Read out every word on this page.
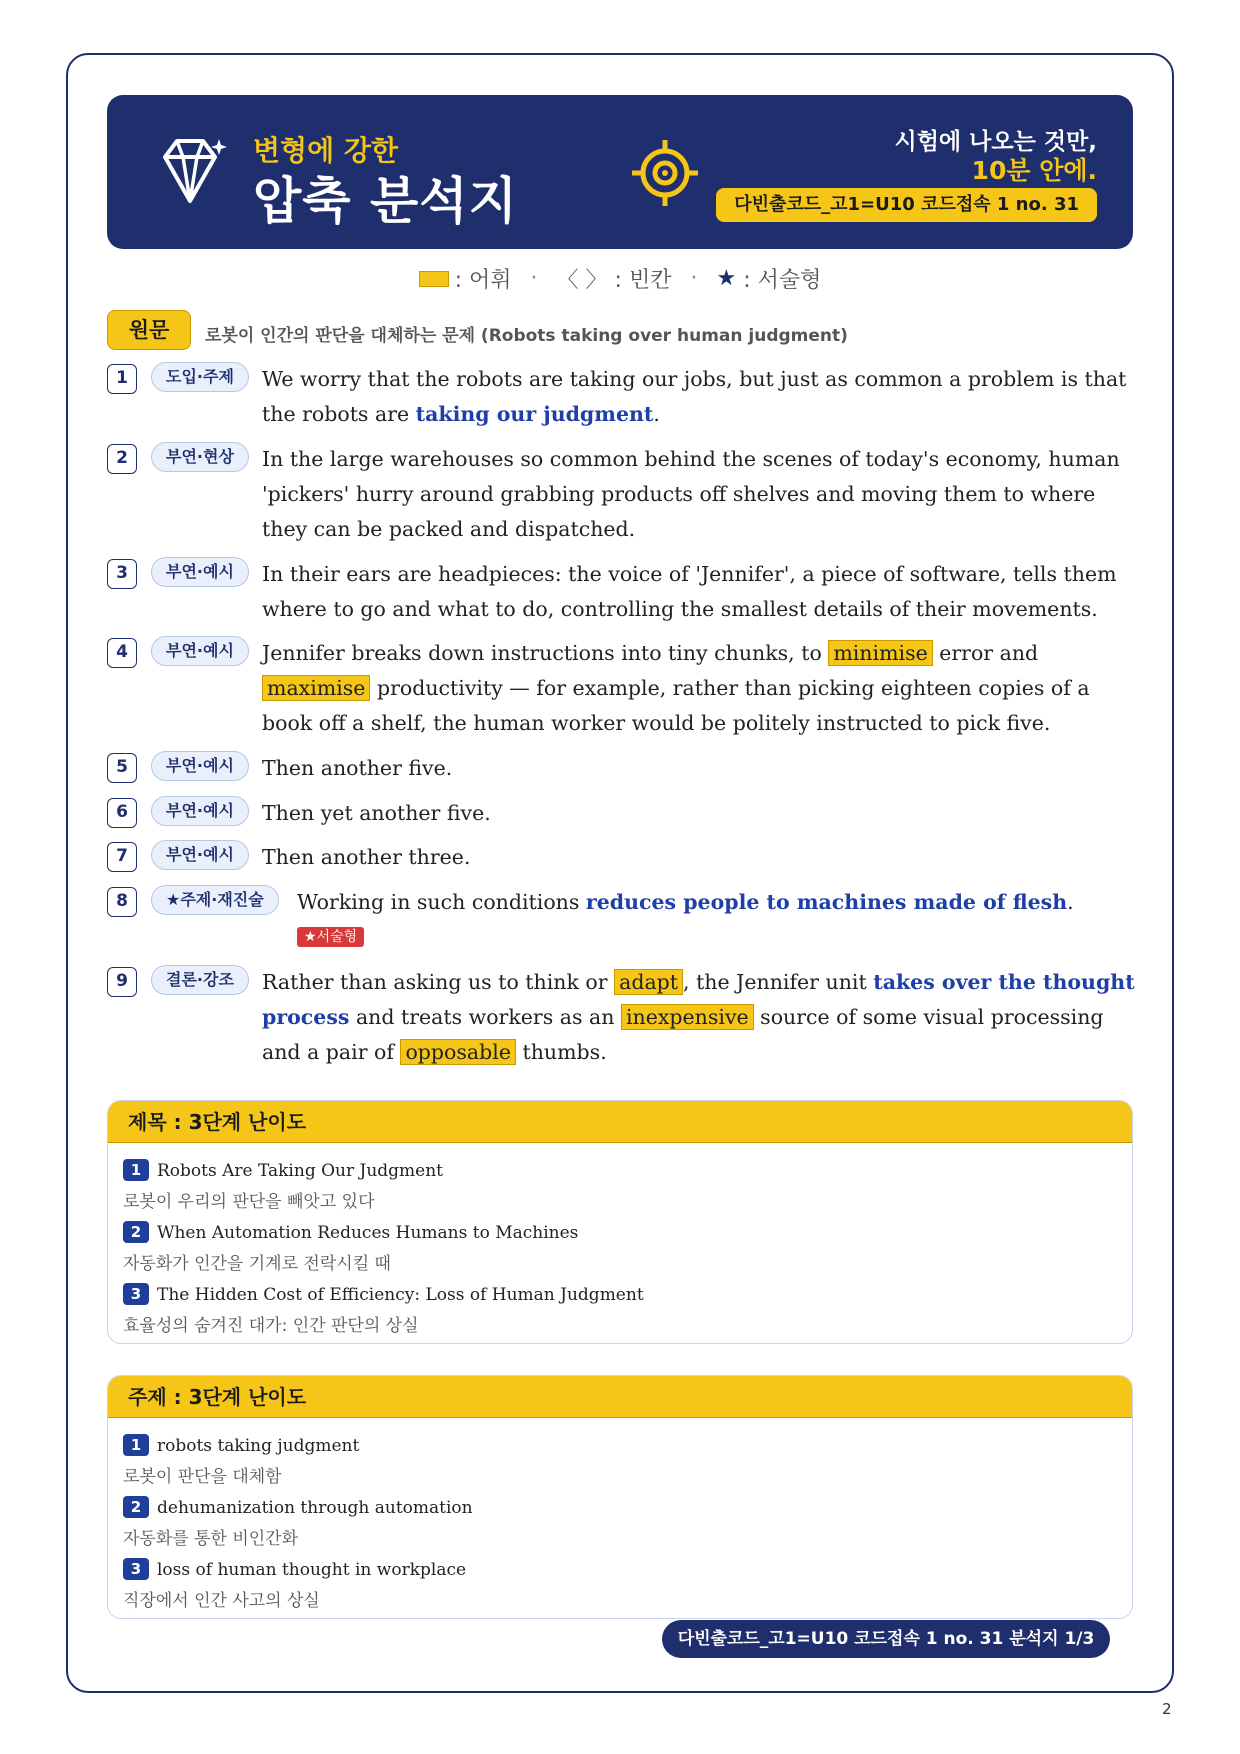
변형에 강한
압축 분석지
시험에 나오는 것만,
10분 안에.
다빈출코드_고1=U10 코드접속 1 no. 31
: 어휘 · 〈 〉 : 빈칸 · ★ : 서술형
원문	로봇이 인간의 판단을 대체하는 문제 (Robots taking over human judgment)
1	도입·주제	We worry that the robots are taking our jobs, but just as common a problem is that the robots are taking our judgment.
2	부연·현상	In the large warehouses so common behind the scenes of today's economy, human 'pickers' hurry around grabbing products off shelves and moving them to where they can be packed and dispatched.
3	부연·예시	In their ears are headpieces: the voice of 'Jennifer', a piece of software, tells them where to go and what to do, controlling the smallest details of their movements.
4	부연·예시	Jennifer breaks down instructions into tiny chunks, to minimise error and maximise productivity — for example, rather than picking eighteen copies of a book off a shelf, the human worker would be politely instructed to pick five.
5	부연·예시	Then another five.
6	부연·예시	Then yet another five.
7	부연·예시	Then another three.
8	★주제·재진술	Working in such conditions reduces people to machines made of flesh. ★서술형
9	결론·강조	Rather than asking us to think or adapt , the Jennifer unit takes over the thought process and treats workers as an inexpensive source of some visual processing and a pair of opposable thumbs.
제목 : 3단계 난이도
1 Robots Are Taking Our Judgment
로봇이 우리의 판단을 빼앗고 있다
2 When Automation Reduces Humans to Machines
자동화가 인간을 기계로 전락시킬 때
3 The Hidden Cost of Efficiency: Loss of Human Judgment
효율성의 숨겨진 대가: 인간 판단의 상실
주제 : 3단계 난이도
1 robots taking judgment
로봇이 판단을 대체함
2 dehumanization through automation
자동화를 통한 비인간화
3 loss of human thought in workplace
직장에서 인간 사고의 상실
다빈출코드_고1=U10 코드접속 1 no. 31 분석지 1/3
2
